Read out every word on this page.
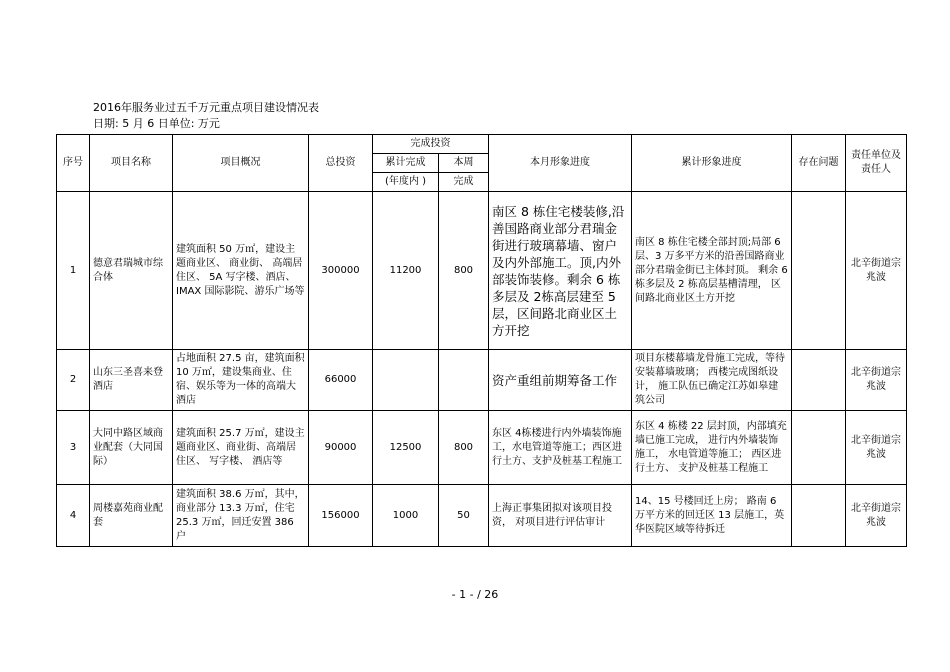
2016年服务业过五千万元重点项目建设情况表
日期: 5 月 6 日单位: 万元
序号	项目名称	项目概况	总投资	完成投资		本月形象进度	累计形象进度	存在问题	责任单位及责任人
				累计完成	本周				
				(年度内 )	完成				
1	德意君瑞城市综合体	建筑面积 50 万㎡，建设主题商业区、 商业街、 高端居住区、 5A 写字楼、酒店、 IMAX 国际影院、游乐广场等	300000	11200	800	南区 8 栋住宅楼装修,沿善国路商业部分君瑞金街进行玻璃幕墙、窗户及内外部施工。顶,内外部装饰装修。剩余 6 栋多层及 2栋高层建至 5 层，区间路北商业区土方开挖	南区 8 栋住宅楼全部封顶;局部 6 层、3 万多平方米的沿善国路商业部分君瑞金街已主体封顶。 剩余 6 栋多层及 2 栋高层基槽清理， 区间路北商业区土方开挖		北辛街道宗兆波
2	山东三圣喜来登酒店	占地面积 27.5 亩，建筑面积 10 万㎡，建设集商业、住宿、娱乐等为一体的高端大酒店	66000			资产重组前期筹备工作	项目东楼幕墙龙骨施工完成，等待安装幕墙玻璃； 西楼完成图纸设计， 施工队伍已确定江苏如皋建筑公司		北辛街道宗兆波
3	大同中路区域商业配套（大同国际）	建筑面积 25.7 万㎡，建设主题商业区、商业街、高端居住区、 写字楼、 酒店等	90000	12500	800	东区 4栋楼进行内外墙装饰施工，水电管道等施工；西区进行土方、支护及桩基工程施工	东区 4 栋楼 22 层封顶，内部填充墙已施工完成， 进行内外墙装饰施工， 水电管道等施工； 西区进行土方、 支护及桩基工程施工		北辛街道宗兆波
4	周楼嘉苑商业配套	建筑面积 38.6 万㎡，其中，商业部分 13.3 万㎡，住宅 25.3 万㎡，回迁安置 386 户	156000	1000	50	上海正事集团拟对该项目投资， 对项目进行评估审计	14、15 号楼回迁上房； 路南 6 万平方米的回迁区 13 层施工，英华医院区域等待拆迁		北辛街道宗兆波
- 1 - / 26
